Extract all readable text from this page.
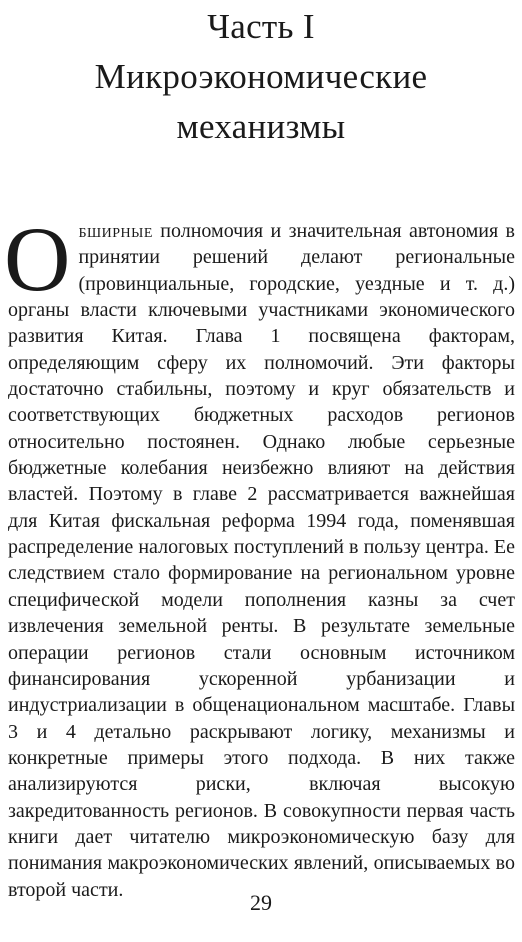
Часть I
Микроэкономические
механизмы

Обширные полномочия и значительная автономия в принятии решений делают региональные (провинциальные, городские, уездные и т. д.) органы власти ключевыми участниками экономического развития Китая. Глава 1 посвящена факторам, определяющим сферу их полномочий. Эти факторы достаточно стабильны, поэтому и круг обязательств и соответствующих бюджетных расходов регионов относительно постоянен. Однако любые серьезные бюджетные колебания неизбежно влияют на действия властей. Поэтому в главе 2 рассматривается важнейшая для Китая фискальная реформа 1994 года, поменявшая распределение налоговых поступлений в пользу центра. Ее следствием стало формирование на региональном уровне специфической модели пополнения казны за счет извлечения земельной ренты. В результате земельные операции регионов стали основным источником финансирования ускоренной урбанизации и индустриализации в общенациональном масштабе. Главы 3 и 4 детально раскрывают логику, механизмы и конкретные примеры этого подхода. В них также анализируются риски, включая высокую закредитованность регионов. В совокупности первая часть книги дает читателю микроэкономическую базу для понимания макроэкономических явлений, описываемых во второй части.

29
